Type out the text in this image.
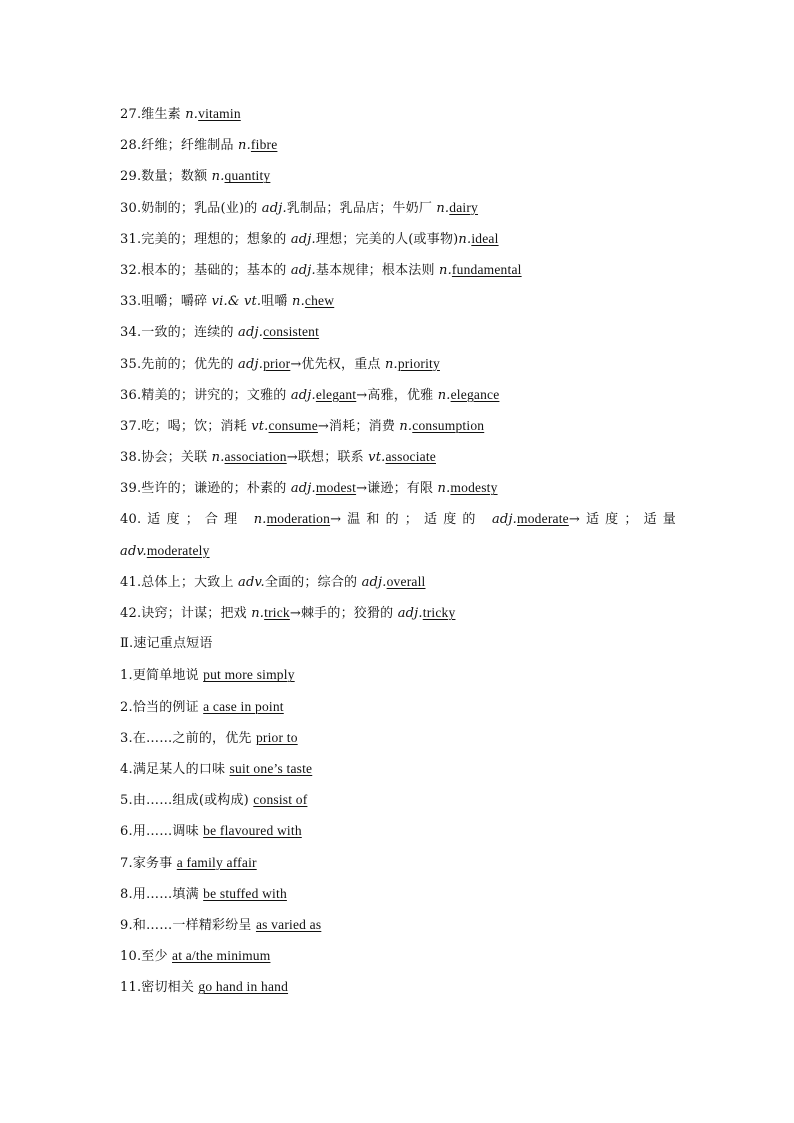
27.维生素 n.vitamin
28.纤维；纤维制品 n.fibre
29.数量；数额 n.quantity
30.奶制的；乳品(业)的 adj.乳制品；乳品店；牛奶厂 n.dairy
31.完美的；理想的；想象的 adj.理想；完美的人(或事物)n.ideal
32.根本的；基础的；基本的 adj.基本规律；根本法则 n.fundamental
33.咀嚼；嚼碎 vi.& vt.咀嚼 n.chew
34.一致的；连续的 adj.consistent
35.先前的；优先的 adj.prior→优先权，重点 n.priority
36.精美的；讲究的；文雅的 adj.elegant→高雅，优雅 n.elegance
37.吃；喝；饮；消耗 vt.consume→消耗；消费 n.consumption
38.协会；关联 n.association→联想；联系 vt.associate
39.些许的；谦逊的；朴素的 adj.modest→谦逊；有限 n.modesty
40.适度；合理 n.moderation→温和的；适度的 adj.moderate→适度；适量
adv.moderately
41.总体上；大致上 adv.全面的；综合的 adj.overall
42.诀窍；计谋；把戏 n.trick→棘手的；狡猾的 adj.tricky
Ⅱ.速记重点短语
1.更简单地说 put more simply
2.恰当的例证 a case in point
3.在……之前的，优先 prior to
4.满足某人的口味 suit one’s taste
5.由……组成(或构成) consist of
6.用……调味 be flavoured with
7.家务事 a family affair
8.用……填满 be stuffed with
9.和……一样精彩纷呈 as varied as
10.至少 at a/the minimum
11.密切相关 go hand in hand
